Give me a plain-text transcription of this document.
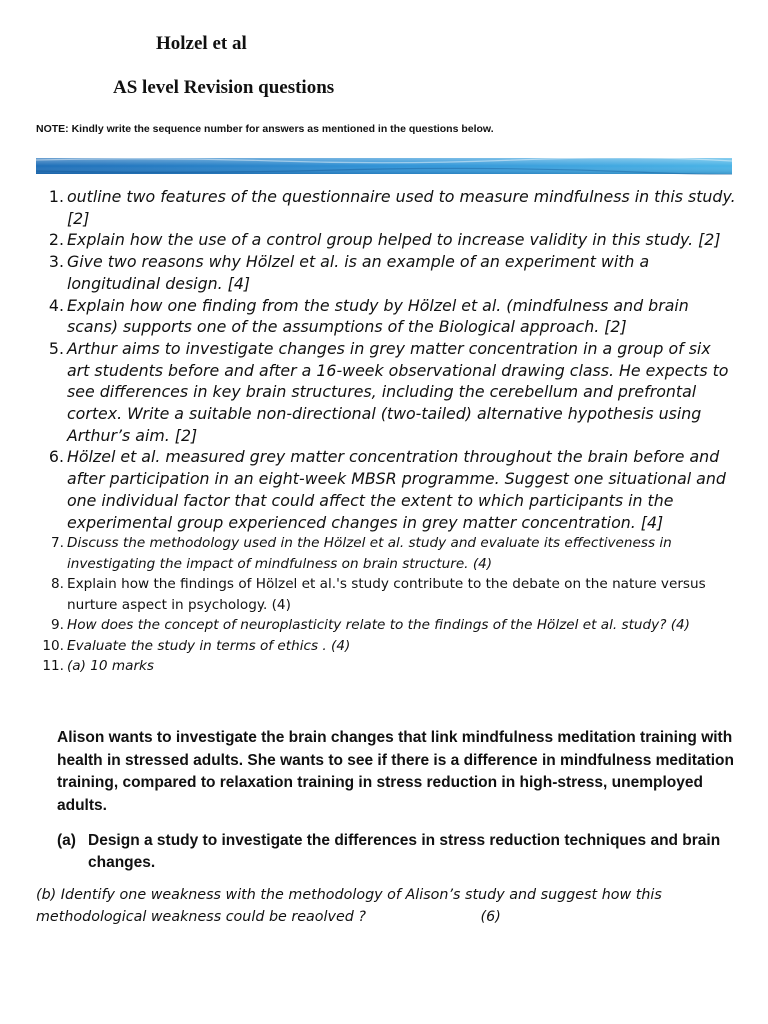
Holzel et al
AS level Revision questions
NOTE: Kindly write the sequence number for answers as mentioned in the questions below.
1. outline two features of the questionnaire used to measure mindfulness in this study. [2]
2. Explain how the use of a control group helped to increase validity in this study. [2]
3. Give two reasons why Hölzel et al. is an example of an experiment with a longitudinal design. [4]
4. Explain how one finding from the study by Hölzel et al. (mindfulness and brain scans) supports one of the assumptions of the Biological approach. [2]
5. Arthur aims to investigate changes in grey matter concentration in a group of six art students before and after a 16-week observational drawing class. He expects to see differences in key brain structures, including the cerebellum and prefrontal cortex. Write a suitable non-directional (two-tailed) alternative hypothesis using Arthur’s aim. [2]
6. Hölzel et al. measured grey matter concentration throughout the brain before and after participation in an eight-week MBSR programme. Suggest one situational and one individual factor that could affect the extent to which participants in the experimental group experienced changes in grey matter concentration. [4]
7. Discuss the methodology used in the Hölzel et al. study and evaluate its effectiveness in investigating the impact of mindfulness on brain structure. (4)
8. Explain how the findings of Hölzel et al.'s study contribute to the debate on the nature versus nurture aspect in psychology. (4)
9. How does the concept of neuroplasticity relate to the findings of the Hölzel et al. study? (4)
10. Evaluate the study in terms of ethics . (4)
11. (a) 10 marks

Alison wants to investigate the brain changes that link mindfulness meditation training with health in stressed adults. She wants to see if there is a difference in mindfulness meditation training, compared to relaxation training in stress reduction in high-stress, unemployed adults.

(a) Design a study to investigate the differences in stress reduction techniques and brain changes.
(b) Identify one weakness with the methodology of Alison’s study and suggest how this methodological weakness could be reaolved ?	(6)
